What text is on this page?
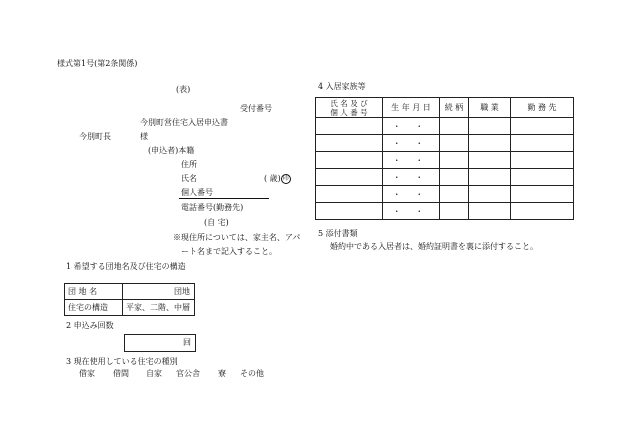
様式第1号(第2条関係)
(表)
受付番号
今別町営住宅入居申込書
今別町長	様
(申込者)本籍
住所
氏名	( 歳) 印
個人番号
電話番号(勤務先)
(自 宅)
※現住所については、家主名、アパ
ート名まで記入すること。
1 希望する団地名及び住宅の構造
団 地 名	団地
住宅の構造	平家、二階、中層
2 申込み回数
回
3 現在使用している住宅の種別
借家 借間 自家 官公舎 寮 その他
4 入居家族等
氏 名 及 び
個 人 番 号	生 年 月 日	続 柄	職 業	勤 務 先
	・ ・			
	・ ・			
	・ ・			
	・ ・			
	・ ・			
	・ ・			
5 添付書類
婚約中である入居者は、婚約証明書を裏に添付すること。
